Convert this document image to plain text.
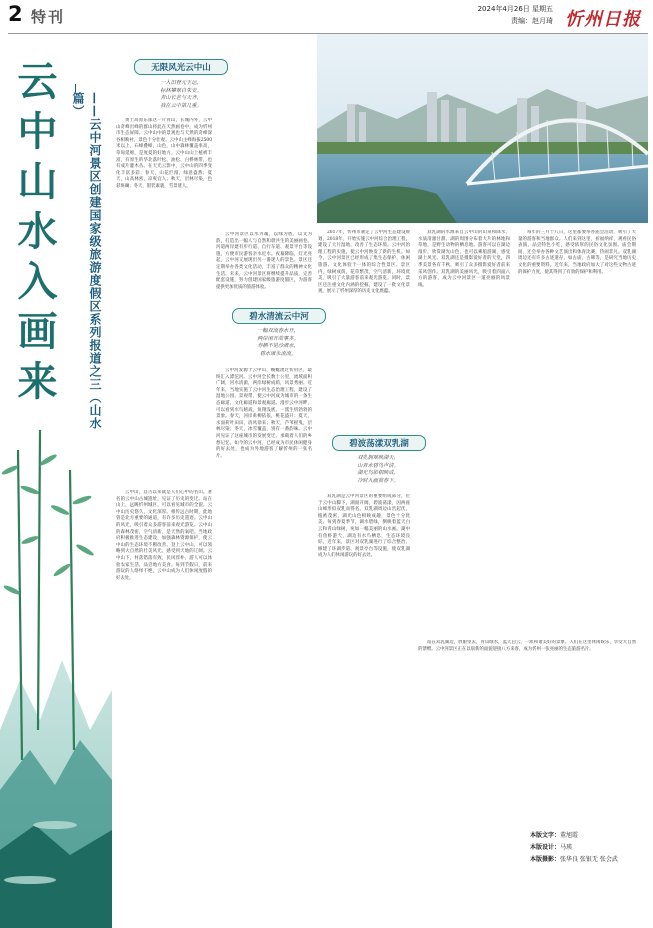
2 特刊	2024年4月26日 星期五
责编：赵月琦 忻州日报
云中山水入画来	——云中河景区创建国家级旅游度假区系列报道之三（山水篇）
无限风光云中山
一入旧登元王运，
标林攀翠自朱安。
青山长老与天齐，
我在云中第几重。

黄土高原东部这一片青山，长城内外，云中山奇峰出峰的群山将此在天然画卷中，成为忻州市生态屏障。云中山中的景观也与天然的奇峰深谷相映衬，景色十分壮观。云中山主峰海拔2500米以上，石峰叠嶂，山色，山中森林覆盖率高，草甸延绵，是度夏的好地方。云中山山上植被丰富，有原生的华北落叶松、油松、白桦林带，也有成片灌木丛。在天光云影中，云中山的四季变化丰富多彩：春天，山花烂漫，绿意盎然；夏天，山高林密，凉爽宜人；秋天，层林尽染，色彩斑斓；冬天，银装素裹，雪景迷人。

云中山，自古以来就是人们心中的名山。著名的云中山古城遗址，见证了历史的变迁。站在山上，远眺忻州城区，可以看见城市的全貌。云中山历史悠久，文化深厚。相传远古时期，此地曾是北方重要的通道，有许多历史遗迹。云中山的风光，吸引着众多游客前来观光游览。云中山的森林茂密，空气清新，是天然的氧吧。当地政府积极推进生态建设，加强森林资源保护，使云中山的生态环境不断改善。登上云中山，可以领略到大自然的壮美风光，感受到天地的辽阔。云中山下，村落错落有致，民风淳朴，游人可以体验农家生活，品尝地方美食。每到节假日，前来游玩的人络绎不绝，云中山成为人们休闲度假的好去处。

云中河景区以水为魂，以绿为底，以文为韵，打造出一幅人与自然和谐共生的美丽画卷。河道两岸建有步行道、自行车道、观景平台等设施，方便市民游客亲水近水。夜幕降临，灯光亮起，云中河又展现出另一番迷人的景色。景区还定期举办各类文化活动，丰富了群众的精神文化生活。未来，云中河景区将继续提升品质，完善配套设施，努力创建国家级旅游度假区，为游客提供更加优质的旅游体验。

碧水清流云中河
一幅双流春水开，
两岸闲开故事多。
寿栖不见沙渚水，
碧水康永流流。

云中河发源于云中山，蜿蜒流过忻府区，最终汇入滹沱河。云中河全长数十公里，流域面积广阔，河水清澈，两岸绿树成荫，风景秀丽。近年来，当地实施了云中河生态治理工程，建设了湿地公园、景观带，使云中河成为城市的一条生态廊道、文化廊道和景观廊道。漫步云中河畔，可以看到水鸟嬉戏，鱼翔浅底，一派生机勃勃的景象。春天，河岸垂柳依依，桃花盛开；夏天，水面荷叶田田，清风徐来；秋天，芦苇摇曳，层林尽染；冬天，冰雪覆盖，别有一番韵味。云中河见证了这座城市的发展变迁，承载着人们的乡愁记忆。如今的云中河，已经成为市民休闲健身的好去处，也成为外地游客了解忻州的一张名片。

2017年，忻州市制定了云中河生态建设规划，2018年，开始实施云中河综合治理工程，建设了大片湿地，改善了生态环境。云中河治理工程的实施，使云中河焕发了新的生机。如今，云中河景区已经形成了集生态保护、休闲旅游、文化体验于一体的综合性景区。景区内，绿树成荫，花草繁茂，空气清新，环境优美，吸引了大量游客前来观光游览。同时，景区还注重文化内涵的挖掘，建设了一批文化景观，展示了忻州深厚的历史文化底蕴。

碧波荡漾双乳湖
双乳拥翠映湖天，
山青水碧鸟声清。
湖光鸟影相映成，
冷时入画赏春下。

双乳湖是云中河景区的重要组成部分，位于云中山脚下，湖面开阔，碧波荡漾，因两座山峰形似双乳而得名。双乳湖周边山峦起伏，植被茂密，湖光山色相映成趣，景色十分优美。每到春夏季节，湖水碧绿，倒映着蓝天白云和青山绿树，宛如一幅美丽的山水画。湖中有鱼虾游弋，湖边有水鸟栖息，生态环境良好。近年来，景区对双乳湖进行了综合整治，修建了环湖步道、观景亭台等设施，使双乳湖成为人们休闲游玩的好去处。

双乳湖的水源来自云中山的山泉和降水，水质清澈甘甜。湖的周围分布着大片的林地和草地，是野生动物的栖息地。游客可以在湖边漫步，欣赏湖光山色，也可以乘船游湖，感受湖上风光。双乳湖还是摄影爱好者的天堂，四季美景各有千秋，吸引了众多摄影爱好者前来采风创作。双乳湖的美丽风光，吸引着四面八方的游客，成为云中河景区一道亮丽的风景线。

每年的三月十八日，这里都要举办庙会活动，吸引了大量的游客和当地群众。人们来到这里，祈福纳祥，观看民俗表演，品尝特色小吃，感受浓厚的民俗文化氛围。庙会期间，还会举办各种文艺演出和体育比赛，热闹非凡。双乳湖周边还有许多古迹遗存，如古庙、古碑等，是研究当地历史文化的重要资料。近年来，当地政府加大了对这些文物古迹的保护力度，使其得到了有效的保护和利用。

站在双乳湖边，放眼望去，青山绿水，蓝天白云，一派和谐美好的景象。人们在这里休闲娱乐，享受大自然的馈赠。云中河景区正在以崭新的面貌迎接八方来客，成为忻州一张亮丽的生态旅游名片。

本版文字：董旭霞
本版设计：马瑛
本版摄影：张华良 张银无 张会武
